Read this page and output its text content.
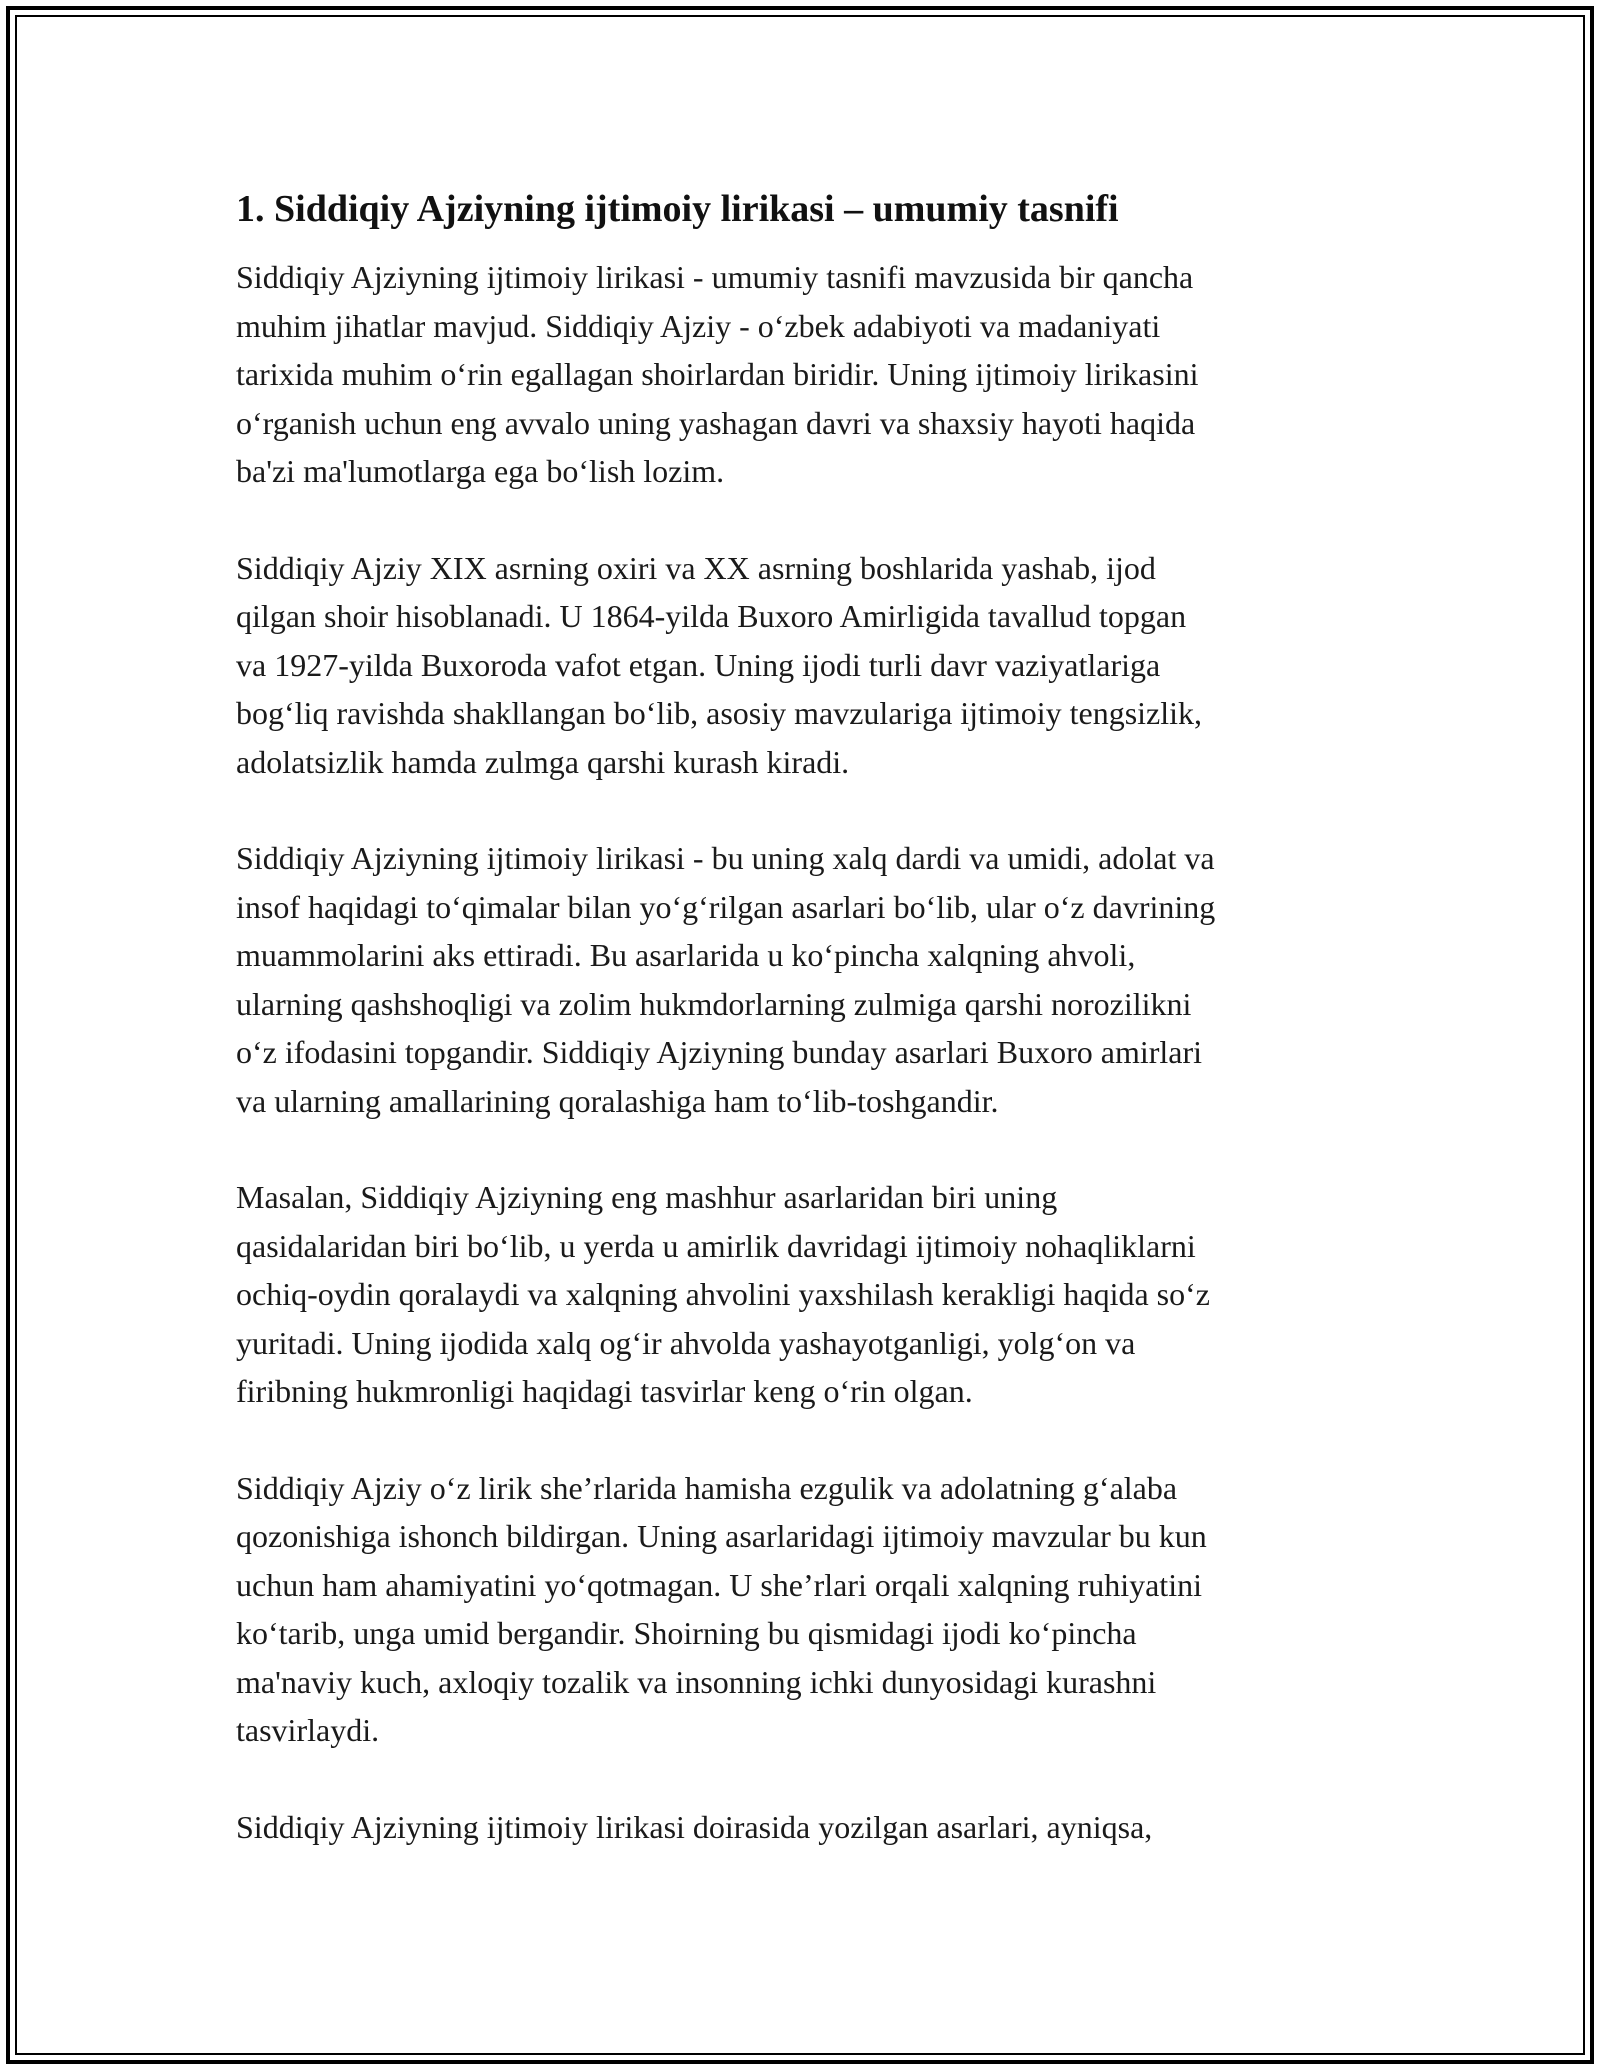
1. Siddiqiy Ajziyning ijtimoiy lirikasi – umumiy tasnifi

Siddiqiy Ajziyning ijtimoiy lirikasi - umumiy tasnifi mavzusida bir qancha
muhim jihatlar mavjud. Siddiqiy Ajziy - oʻzbek adabiyoti va madaniyati
tarixida muhim oʻrin egallagan shoirlardan biridir. Uning ijtimoiy lirikasini
oʻrganish uchun eng avvalo uning yashagan davri va shaxsiy hayoti haqida
ba'zi ma'lumotlarga ega boʻlish lozim.

Siddiqiy Ajziy XIX asrning oxiri va XX asrning boshlarida yashab, ijod
qilgan shoir hisoblanadi. U 1864-yilda Buxoro Amirligida tavallud topgan
va 1927-yilda Buxoroda vafot etgan. Uning ijodi turli davr vaziyatlariga
bogʻliq ravishda shakllangan boʻlib, asosiy mavzulariga ijtimoiy tengsizlik,
adolatsizlik hamda zulmga qarshi kurash kiradi.

Siddiqiy Ajziyning ijtimoiy lirikasi - bu uning xalq dardi va umidi, adolat va
insof haqidagi toʻqimalar bilan yoʻgʻrilgan asarlari boʻlib, ular oʻz davrining
muammolarini aks ettiradi. Bu asarlarida u koʻpincha xalqning ahvoli,
ularning qashshoqligi va zolim hukmdorlarning zulmiga qarshi norozilikni
oʻz ifodasini topgandir. Siddiqiy Ajziyning bunday asarlari Buxoro amirlari
va ularning amallarining qoralashiga ham toʻlib-toshgandir.

Masalan, Siddiqiy Ajziyning eng mashhur asarlaridan biri uning
qasidalaridan biri boʻlib, u yerda u amirlik davridagi ijtimoiy nohaqliklarni
ochiq-oydin qoralaydi va xalqning ahvolini yaxshilash kerakligi haqida soʻz
yuritadi. Uning ijodida xalq ogʻir ahvolda yashayotganligi, yolgʻon va
firibning hukmronligi haqidagi tasvirlar keng oʻrin olgan.

Siddiqiy Ajziy oʻz lirik sheʼrlarida hamisha ezgulik va adolatning gʻalaba
qozonishiga ishonch bildirgan. Uning asarlaridagi ijtimoiy mavzular bu kun
uchun ham ahamiyatini yoʻqotmagan. U sheʼrlari orqali xalqning ruhiyatini
koʻtarib, unga umid bergandir. Shoirning bu qismidagi ijodi koʻpincha
ma'naviy kuch, axloqiy tozalik va insonning ichki dunyosidagi kurashni
tasvirlaydi.

Siddiqiy Ajziyning ijtimoiy lirikasi doirasida yozilgan asarlari, ayniqsa,
